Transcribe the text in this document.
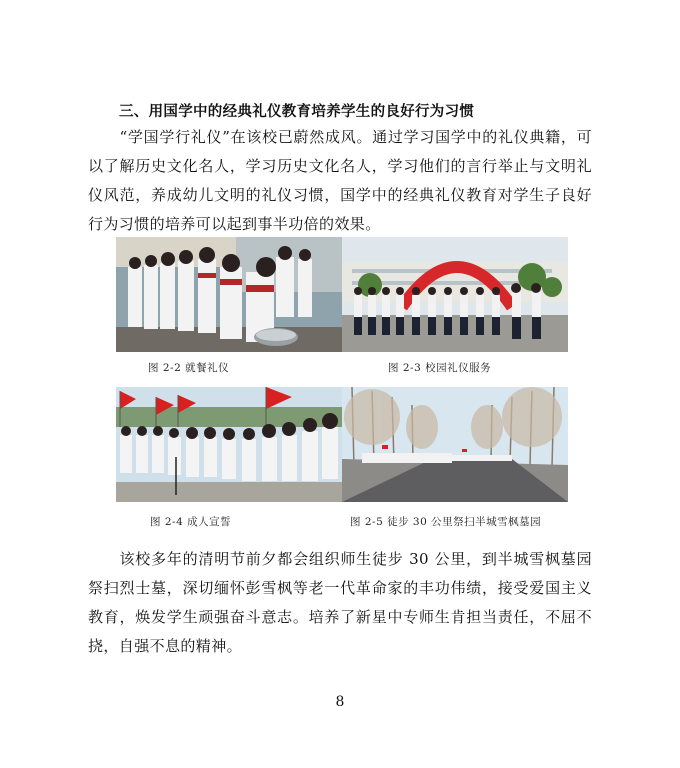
三、用国学中的经典礼仪教育培养学生的良好行为习惯
“学国学行礼仪”在该校已蔚然成风。通过学习国学中的礼仪典籍，可以了解历史文化名人，学习历史文化名人，学习他们的言行举止与文明礼仪风范，养成幼儿文明的礼仪习惯，国学中的经典礼仪教育对学生子良好行为习惯的培养可以起到事半功倍的效果。
图 2-2 就餐礼仪	图 2-3 校园礼仪服务
图 2-4 成人宣誓	图 2-5 徒步 30 公里祭扫半城雪枫墓园
该校多年的清明节前夕都会组织师生徒步 30 公里，到半城雪枫墓园祭扫烈士墓，深切缅怀彭雪枫等老一代革命家的丰功伟绩，接受爱国主义教育，焕发学生顽强奋斗意志。培养了新星中专师生肯担当责任，不屈不挠，自强不息的精神。
8
